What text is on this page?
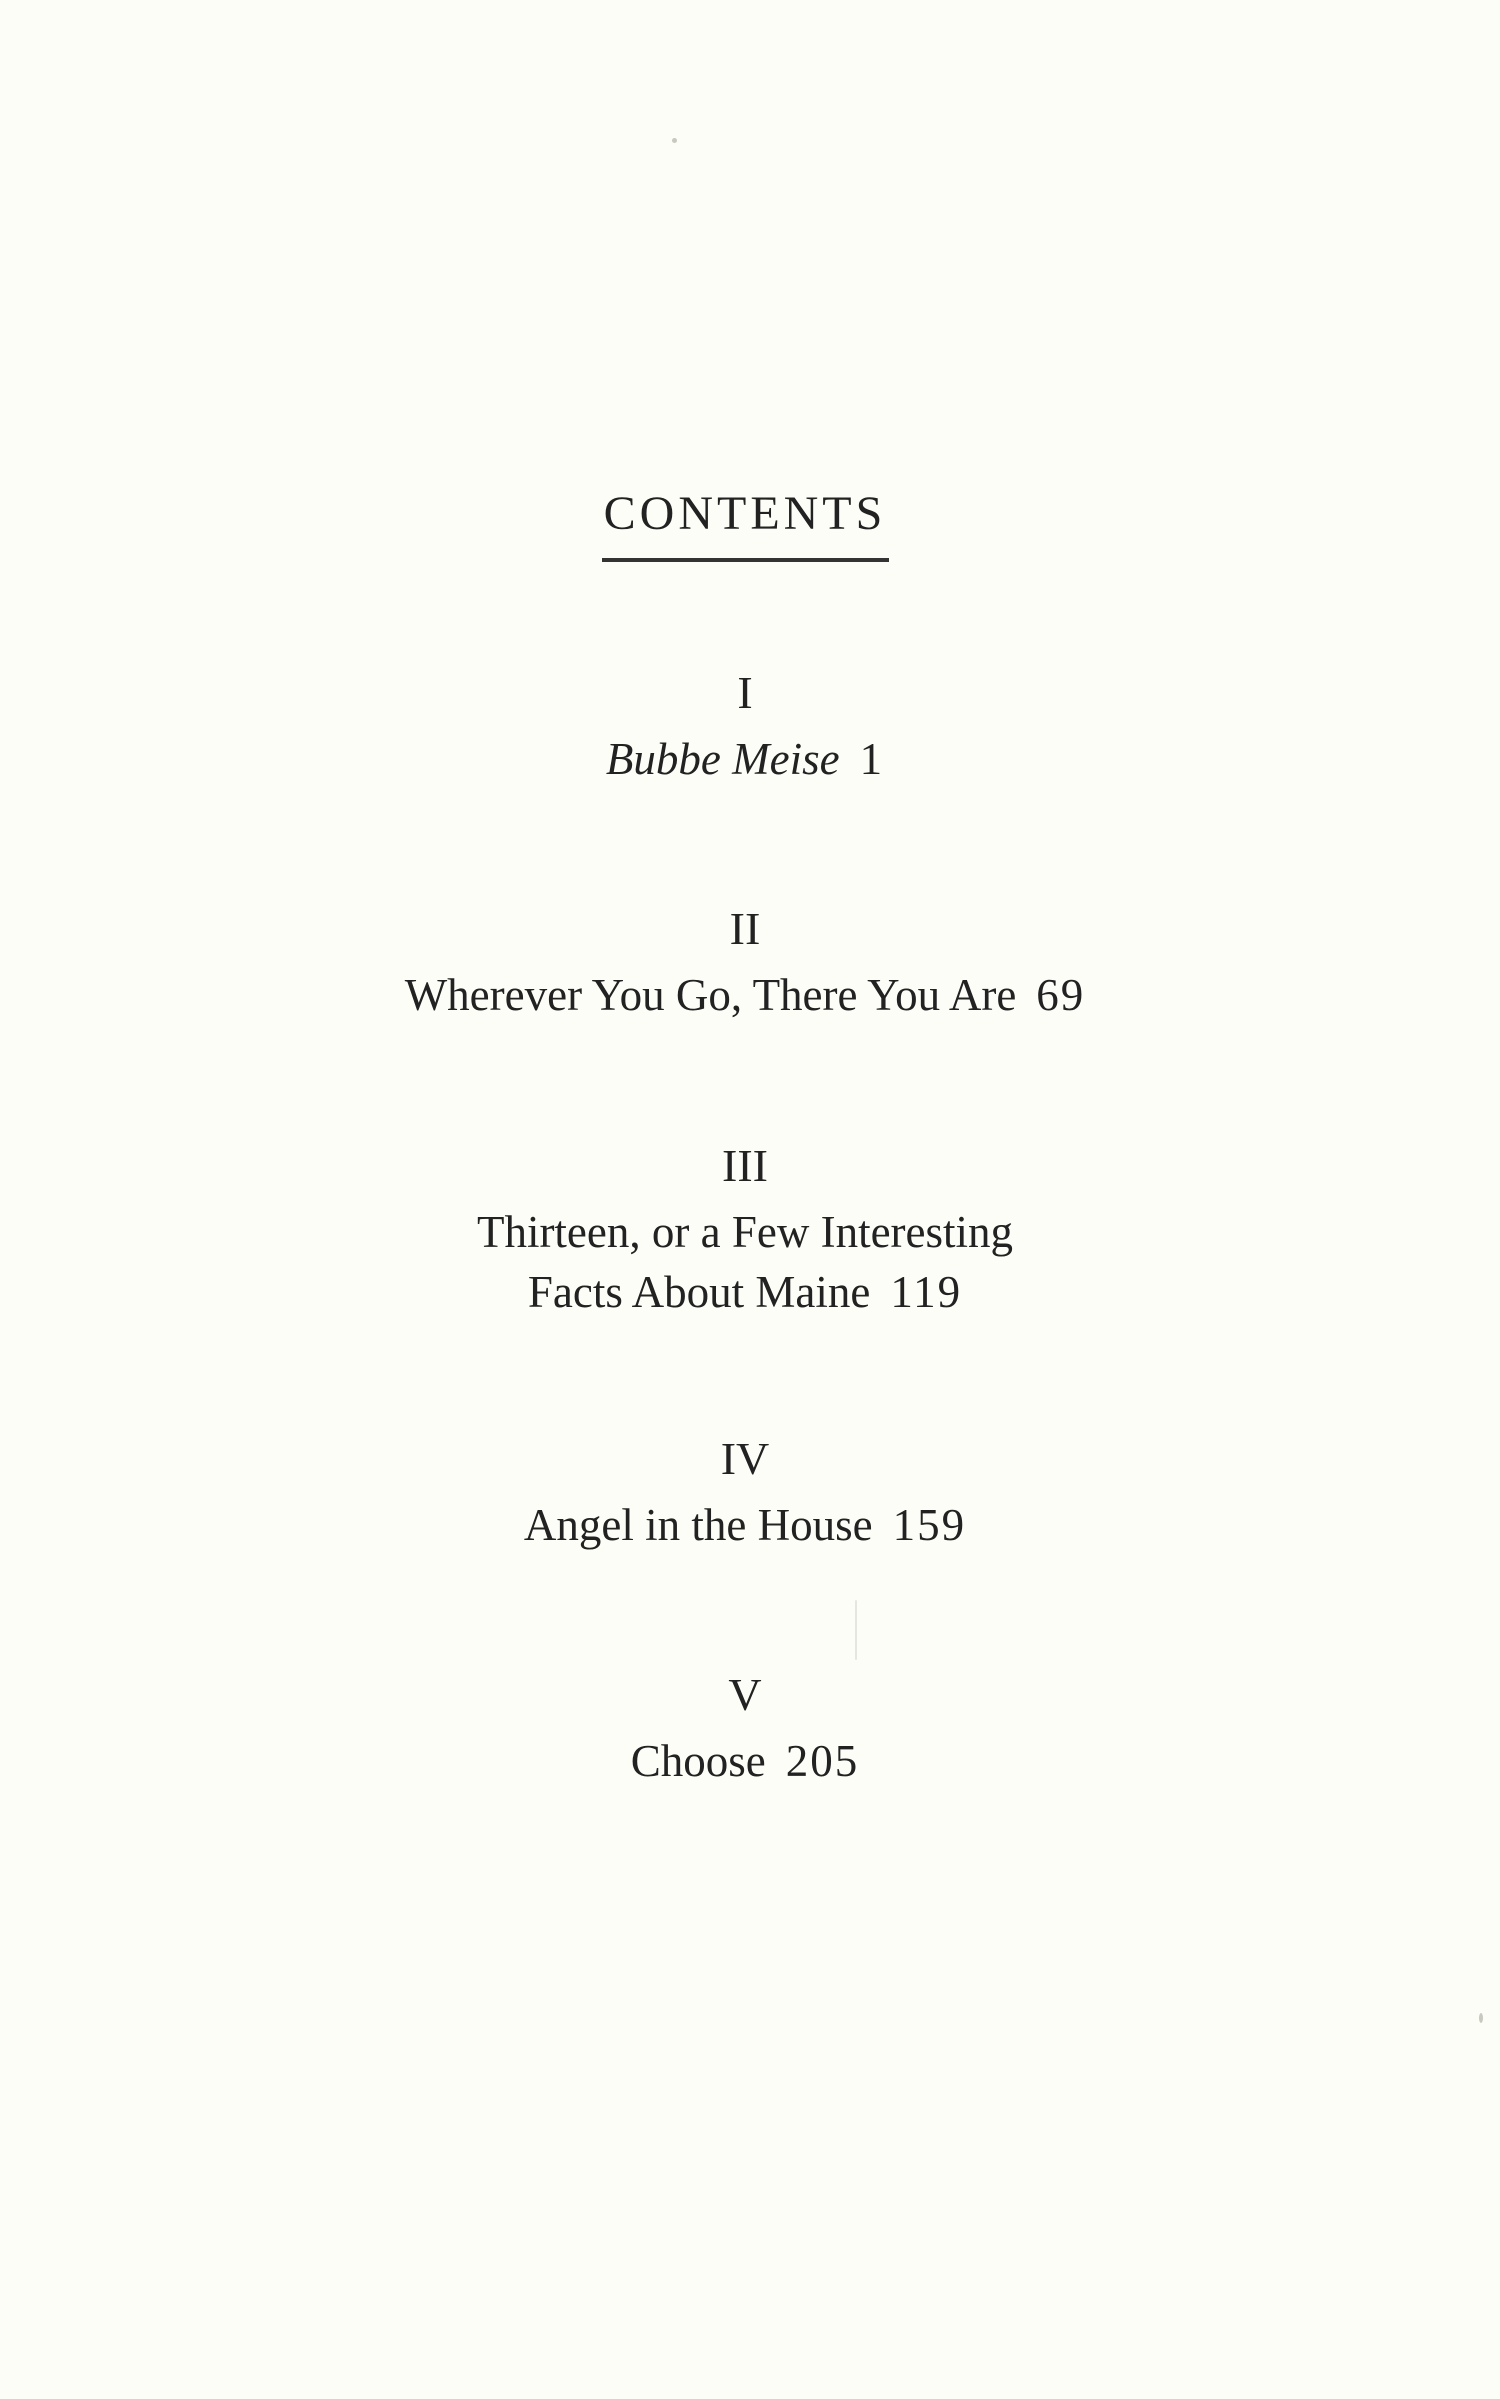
CONTENTS
I
Bubbe Meise 1
II
Wherever You Go, There You Are 69
III
Thirteen, or a Few Interesting
Facts About Maine 119
IV
Angel in the House 159
V
Choose 205
